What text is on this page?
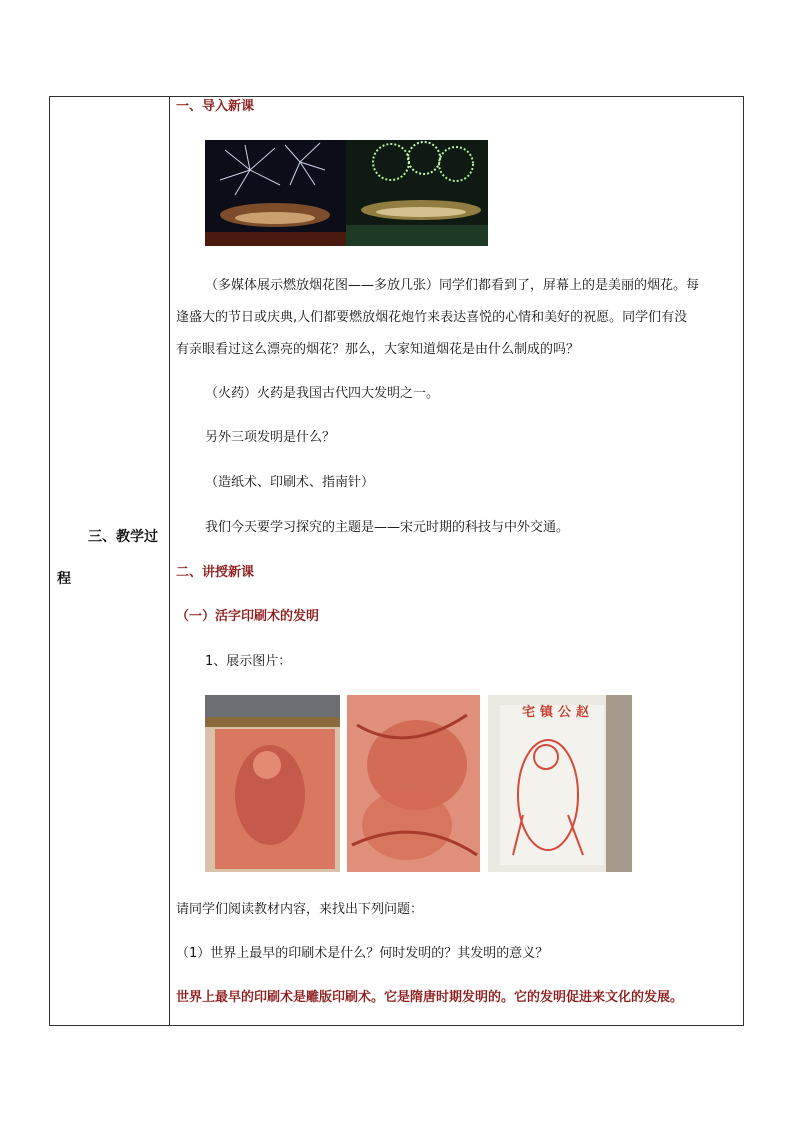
三、教学过
程
一、导入新课
（多媒体展示燃放烟花图——多放几张）同学们都看到了，屏幕上的是美丽的烟花。每
逢盛大的节日或庆典,人们都要燃放烟花炮竹来表达喜悦的心情和美好的祝愿。同学们有没
有亲眼看过这么漂亮的烟花？那么，大家知道烟花是由什么制成的吗？
（火药）火药是我国古代四大发明之一。
另外三项发明是什么？
（造纸术、印刷术、指南针）
我们今天要学习探究的主题是——宋元时期的科技与中外交通。
二、讲授新课
（一）活字印刷术的发明
1、展示图片：
宅镇公赵
请同学们阅读教材内容，来找出下列问题：
（1）世界上最早的印刷术是什么？何时发明的？其发明的意义？
世界上最早的印刷术是雕版印刷术。它是隋唐时期发明的。它的发明促进来文化的发展。
